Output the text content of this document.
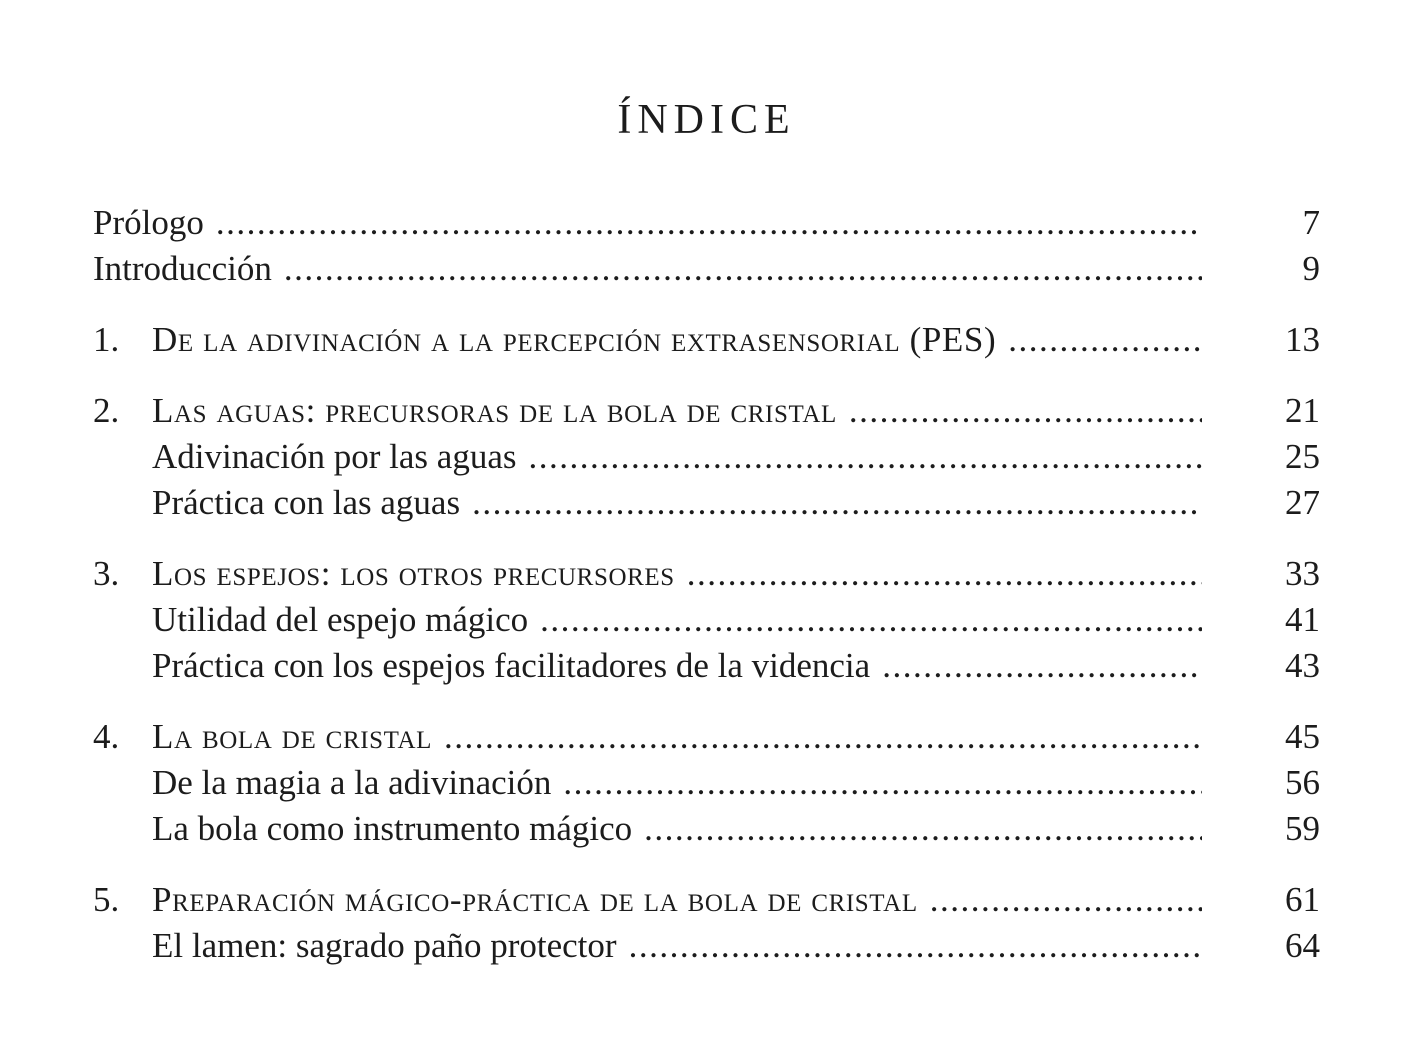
ÍNDICE
Prólogo .....	7
Introducción .....	9
1. De la adivinación a la percepción extrasensorial (PES) .....	13
2. Las aguas: precursoras de la bola de cristal .....	21
Adivinación por las aguas .....	25
Práctica con las aguas .....	27
3. Los espejos: los otros precursores .....	33
Utilidad del espejo mágico .....	41
Práctica con los espejos facilitadores de la videncia .....	43
4. La bola de cristal .....	45
De la magia a la adivinación .....	56
La bola como instrumento mágico .....	59
5. Preparación mágico-práctica de la bola de cristal .....	61
El lamen: sagrado paño protector .....	64
